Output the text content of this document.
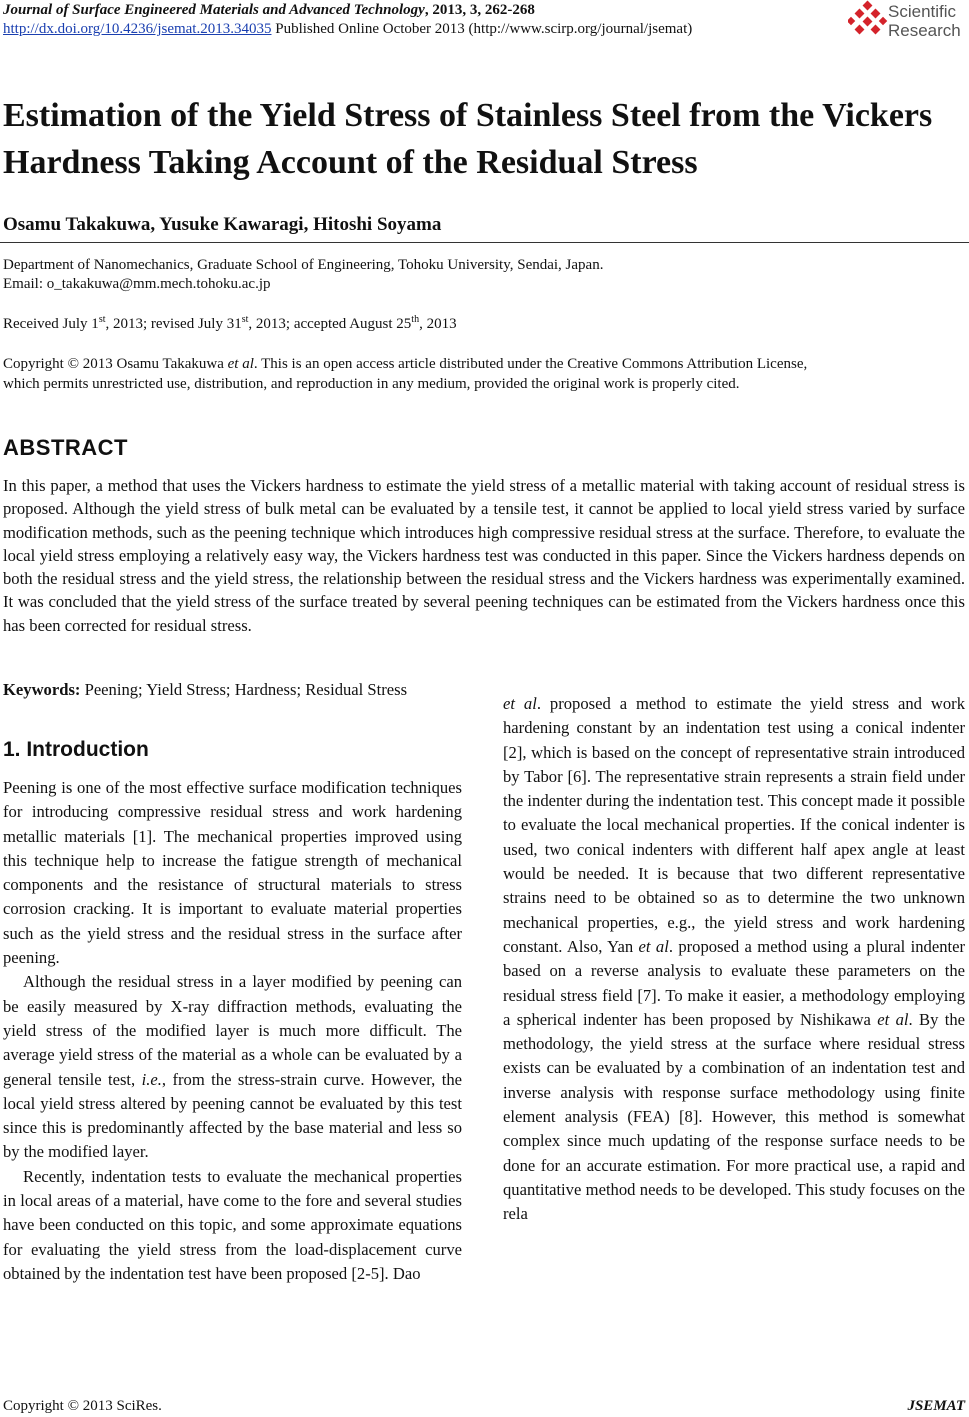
Journal of Surface Engineered Materials and Advanced Technology, 2013, 3, 262-268
http://dx.doi.org/10.4236/jsemat.2013.34035 Published Online October 2013 (http://www.scirp.org/journal/jsemat)
Scientific
Research
Estimation of the Yield Stress of Stainless Steel from the Vickers Hardness Taking Account of the Residual Stress
Osamu Takakuwa, Yusuke Kawaragi, Hitoshi Soyama
Department of Nanomechanics, Graduate School of Engineering, Tohoku University, Sendai, Japan.
Email: o_takakuwa@mm.mech.tohoku.ac.jp
Received July 1st, 2013; revised July 31st, 2013; accepted August 25th, 2013
Copyright © 2013 Osamu Takakuwa et al. This is an open access article distributed under the Creative Commons Attribution License,
which permits unrestricted use, distribution, and reproduction in any medium, provided the original work is properly cited.
ABSTRACT
In this paper, a method that uses the Vickers hardness to estimate the yield stress of a metallic material with taking account of residual stress is proposed. Although the yield stress of bulk metal can be evaluated by a tensile test, it cannot be applied to local yield stress varied by surface modification methods, such as the peening technique which introduces high compressive residual stress at the surface. Therefore, to evaluate the local yield stress employing a relatively easy way, the Vickers hardness test was conducted in this paper. Since the Vickers hardness depends on both the residual stress and the yield stress, the relationship between the residual stress and the Vickers hardness was experimentally examined. It was concluded that the yield stress of the surface treated by several peening techniques can be estimated from the Vickers hardness once this has been corrected for residual stress.
Keywords: Peening; Yield Stress; Hardness; Residual Stress
1. Introduction

Peening is one of the most effective surface modification techniques for introducing compressive residual stress and work hardening metallic materials [1]. The mechanical properties improved using this technique help to increase the fatigue strength of mechanical components and the resistance of structural materials to stress corrosion cracking. It is important to evaluate material properties such as the yield stress and the residual stress in the surface after peening.

Although the residual stress in a layer modified by peening can be easily measured by X-ray diffraction methods, evaluating the yield stress of the modified layer is much more difficult. The average yield stress of the material as a whole can be evaluated by a general tensile test, i.e., from the stress-strain curve. However, the local yield stress altered by peening cannot be evaluated by this test since this is predominantly affected by the base material and less so by the modified layer.

Recently, indentation tests to evaluate the mechanical properties in local areas of a material, have come to the fore and several studies have been conducted on this topic, and some approximate equations for evaluating the yield stress from the load-displacement curve obtained by the indentation test have been proposed [2-5]. Dao

et al. proposed a method to estimate the yield stress and work hardening constant by an indentation test using a conical indenter [2], which is based on the concept of representative strain introduced by Tabor [6]. The representative strain represents a strain field under the indenter during the indentation test. This concept made it possible to evaluate the local mechanical properties. If the conical indenter is used, two conical indenters with different half apex angle at least would be needed. It is because that two different representative strains need to be obtained so as to determine the two unknown mechanical properties, e.g., the yield stress and work hardening constant. Also, Yan et al. proposed a method using a plural indenter based on a reverse analysis to evaluate these parameters on the residual stress field [7]. To make it easier, a methodology employing a spherical indenter has been proposed by Nishikawa et al. By the methodology, the yield stress at the surface where residual stress exists can be evaluated by a combination of an indentation test and inverse analysis with response surface methodology using finite element analysis (FEA) [8]. However, this method is somewhat complex since much updating of the response surface needs to be done for an accurate estimation. For more practical use, a rapid and quantitative method needs to be developed. This study focuses on the rela

Copyright © 2013 SciRes.	JSEMAT
